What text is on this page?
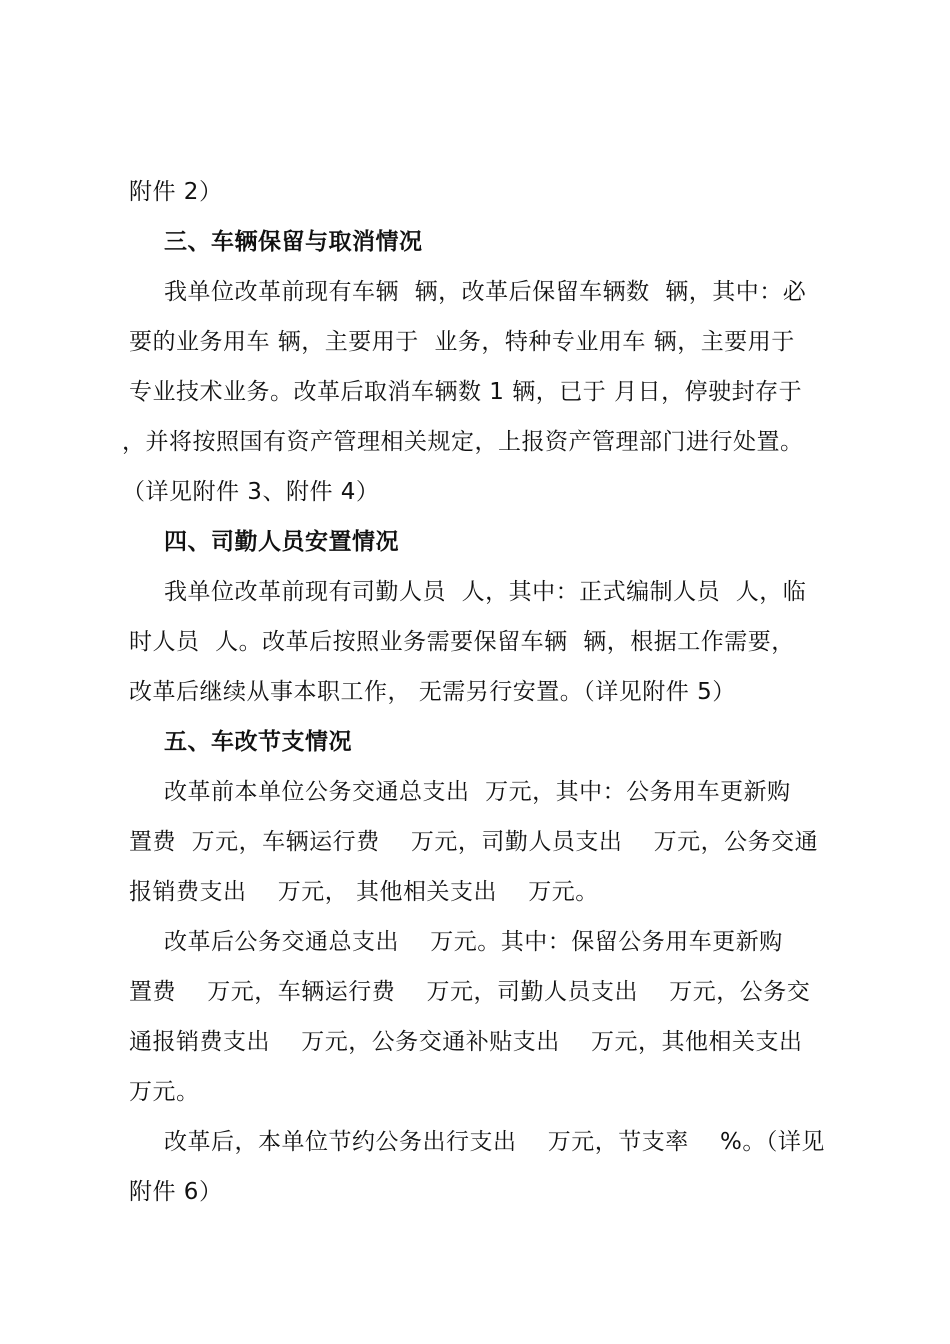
附件 2）
三、车辆保留与取消情况
我单位改革前现有车辆  辆，改革后保留车辆数  辆，其中：必
要的业务用车 辆，主要用于  业务，特种专业用车 辆，主要用于
专业技术业务。改革后取消车辆数 1 辆，已于 月日，停驶封存于
，并将按照国有资产管理相关规定，上报资产管理部门进行处置。
（详见附件 3、附件 4）
四、司勤人员安置情况
我单位改革前现有司勤人员  人，其中：正式编制人员  人，临
时人员  人。改革后按照业务需要保留车辆  辆，根据工作需要，
改革后继续从事本职工作， 无需另行安置。（详见附件 5）
五、车改节支情况
改革前本单位公务交通总支出  万元，其中：公务用车更新购
置费  万元，车辆运行费    万元，司勤人员支出    万元，公务交通
报销费支出    万元， 其他相关支出    万元。
改革后公务交通总支出    万元。其中：保留公务用车更新购
置费    万元，车辆运行费    万元，司勤人员支出    万元，公务交
通报销费支出    万元，公务交通补贴支出    万元，其他相关支出
万元。
改革后，本单位节约公务出行支出    万元，节支率    %。（详见
附件 6）
